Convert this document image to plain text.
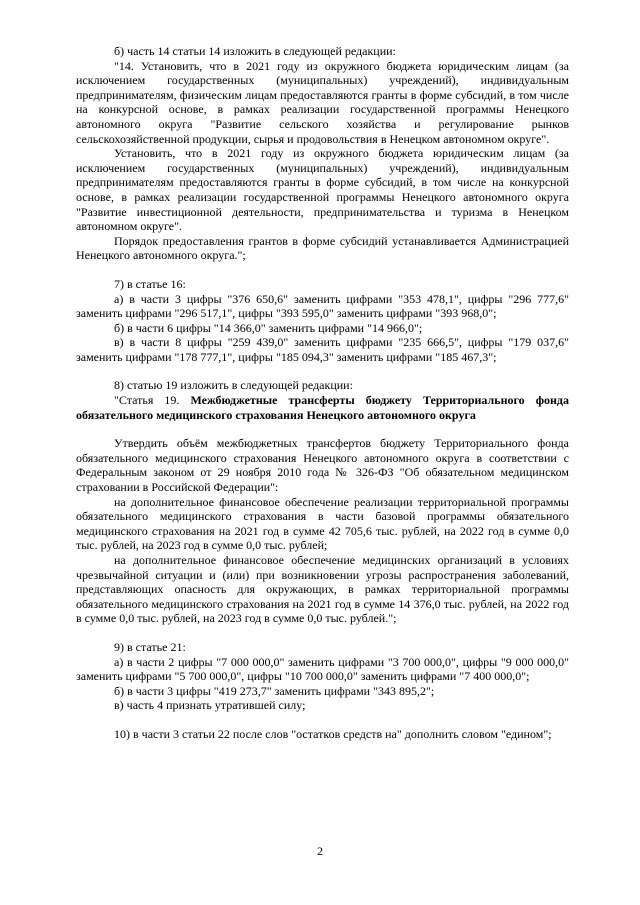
б) часть 14 статьи 14 изложить в следующей редакции:

"14. Установить, что в 2021 году из окружного бюджета юридическим лицам (за исключением государственных (муниципальных) учреждений), индивидуальным предпринимателям, физическим лицам предоставляются гранты в форме субсидий, в том числе на конкурсной основе, в рамках реализации государственной программы Ненецкого автономного округа "Развитие сельского хозяйства и регулирование рынков сельскохозяйственной продукции, сырья и продовольствия в Ненецком автономном округе".

Установить, что в 2021 году из окружного бюджета юридическим лицам (за исключением государственных (муниципальных) учреждений), индивидуальным предпринимателям предоставляются гранты в форме субсидий, в том числе на конкурсной основе, в рамках реализации государственной программы Ненецкого автономного округа "Развитие инвестиционной деятельности, предпринимательства и туризма в Ненецком автономном округе".

Порядок предоставления грантов в форме субсидий устанавливается Администрацией Ненецкого автономного округа.";

7) в статье 16:

а) в части 3 цифры "376 650,6" заменить цифрами "353 478,1", цифры "296 777,6" заменить цифрами "296 517,1", цифры "393 595,0" заменить цифрами "393 968,0";

б) в части 6 цифры "14 366,0" заменить цифрами "14 966,0";

в) в части 8 цифры "259 439,0" заменить цифрами "235 666,5", цифры "179 037,6" заменить цифрами "178 777,1", цифры "185 094,3" заменить цифрами "185 467,3";

8) статью 19 изложить в следующей редакции:

"Статья 19. Межбюджетные трансферты бюджету Территориального фонда обязательного медицинского страхования Ненецкого автономного округа

Утвердить объём межбюджетных трансфертов бюджету Территориального фонда обязательного медицинского страхования Ненецкого автономного округа в соответствии с Федеральным законом от 29 ноября 2010 года № 326-ФЗ "Об обязательном медицинском страховании в Российской Федерации":

на дополнительное финансовое обеспечение реализации территориальной программы обязательного медицинского страхования в части базовой программы обязательного медицинского страхования на 2021 год в сумме 42 705,6 тыс. рублей, на 2022 год в сумме 0,0 тыс. рублей, на 2023 год в сумме 0,0 тыс. рублей;

на дополнительное финансовое обеспечение медицинских организаций в условиях чрезвычайной ситуации и (или) при возникновении угрозы распространения заболеваний, представляющих опасность для окружающих, в рамках территориальной программы обязательного медицинского страхования на 2021 год в сумме 14 376,0 тыс. рублей, на 2022 год в сумме 0,0 тыс. рублей, на 2023 год в сумме 0,0 тыс. рублей.";

9) в статье 21:

а) в части 2 цифры "7 000 000,0" заменить цифрами "3 700 000,0", цифры "9 000 000,0" заменить цифрами "5 700 000,0", цифры "10 700 000,0" заменить цифрами "7 400 000,0";

б) в части 3 цифры "419 273,7" заменить цифрами "343 895,2";

в) часть 4 признать утратившей силу;

10) в части 3 статьи 22 после слов "остатков средств на" дополнить словом "едином";

2
